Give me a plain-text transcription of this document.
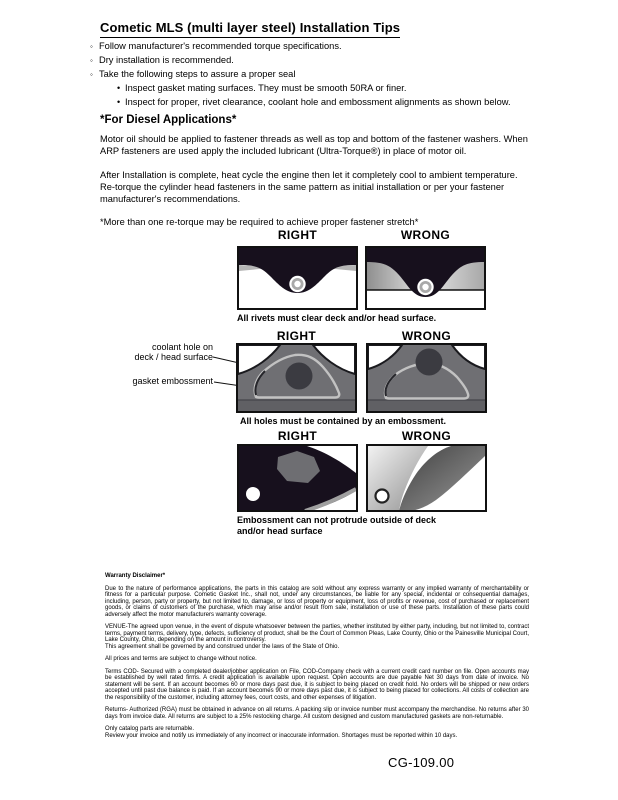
Cometic MLS (multi layer steel) Installation Tips
◦ Follow manufacturer's recommended torque specifications.
◦ Dry installation is recommended.
◦ Take the following steps to assure a proper seal
• Inspect gasket mating surfaces. They must be smooth 50RA or finer.
• Inspect for proper, rivet clearance, coolant hole and embossment alignments as shown below.
*For Diesel Applications*

Motor oil should be applied to fastener threads as well as top and bottom of the fastener washers. When ARP fasteners are used apply the included lubricant (Ultra-Torque®) in place of motor oil.

After Installation is complete, heat cycle the engine then let it completely cool to ambient temperature. Re-torque the cylinder head fasteners in the same pattern as initial installation or per your fastener manufacturer's recommendations.

*More than one re-torque may be required to achieve proper fastener stretch*

RIGHT	WRONG
All rivets must clear deck and/or head surface.
RIGHT	WRONG
coolant hole on
deck / head surface
gasket embossment
All holes must be contained by an embossment.
RIGHT	WRONG
Embossment can not protrude outside of deck
and/or head surface
Warranty Disclaimer*
Due to the nature of performance applications, the parts in this catalog are sold without any express warranty or any implied warranty of merchantability or fitness for a particular purpose. Cometic Gasket Inc., shall not, under any circumstances, be liable for any special, incidental or consequential damages, including, person, party or property, but not limited to, damage, or loss of property or equipment, loss of profits or revenue, cost of purchased or replacement goods, or claims of customers of the purchase, which may arise and/or result from sale, installation or use of these parts. Installation of these parts could adversely affect the motor manufacturers warranty coverage.
VENUE-The agreed upon venue, in the event of dispute whatsoever between the parties, whether instituted by either party, including, but not limited to, contract terms, payment terms, delivery, type, defects, sufficiency of product, shall be the Court of Common Pleas, Lake County, Ohio or the Painesville Municipal Court, Lake County, Ohio, depending on the amount in controversy.
This agreement shall be governed by and construed under the laws of the State of Ohio.
All prices and terms are subject to change without notice.
Terms COD- Secured with a completed dealer/jobber application on File, COD-Company check with a current credit card number on file. Open accounts may be established by well rated firms. A credit application is available upon request. Open accounts are due payable Net 30 days from date of invoice. No statement will be sent. If an account becomes 60 or more days past due, it is subject to being placed on credit hold. No orders will be shipped or new orders accepted until past due balance is paid. If an account becomes 90 or more days past due, it is subject to being placed for collections. All costs of collection are the responsibility of the customer, including attorney fees, court costs, and other expenses of litigation.
Returns- Authorized (RGA) must be obtained in advance on all returns. A packing slip or invoice number must accompany the merchandise. No returns after 30 days from invoice date. All returns are subject to a 25% restocking charge. All custom designed and custom manufactured gaskets are non-returnable.
Only catalog parts are returnable.
Review your invoice and notify us immediately of any incorrect or inaccurate information. Shortages must be reported within 10 days.
CG-109.00
